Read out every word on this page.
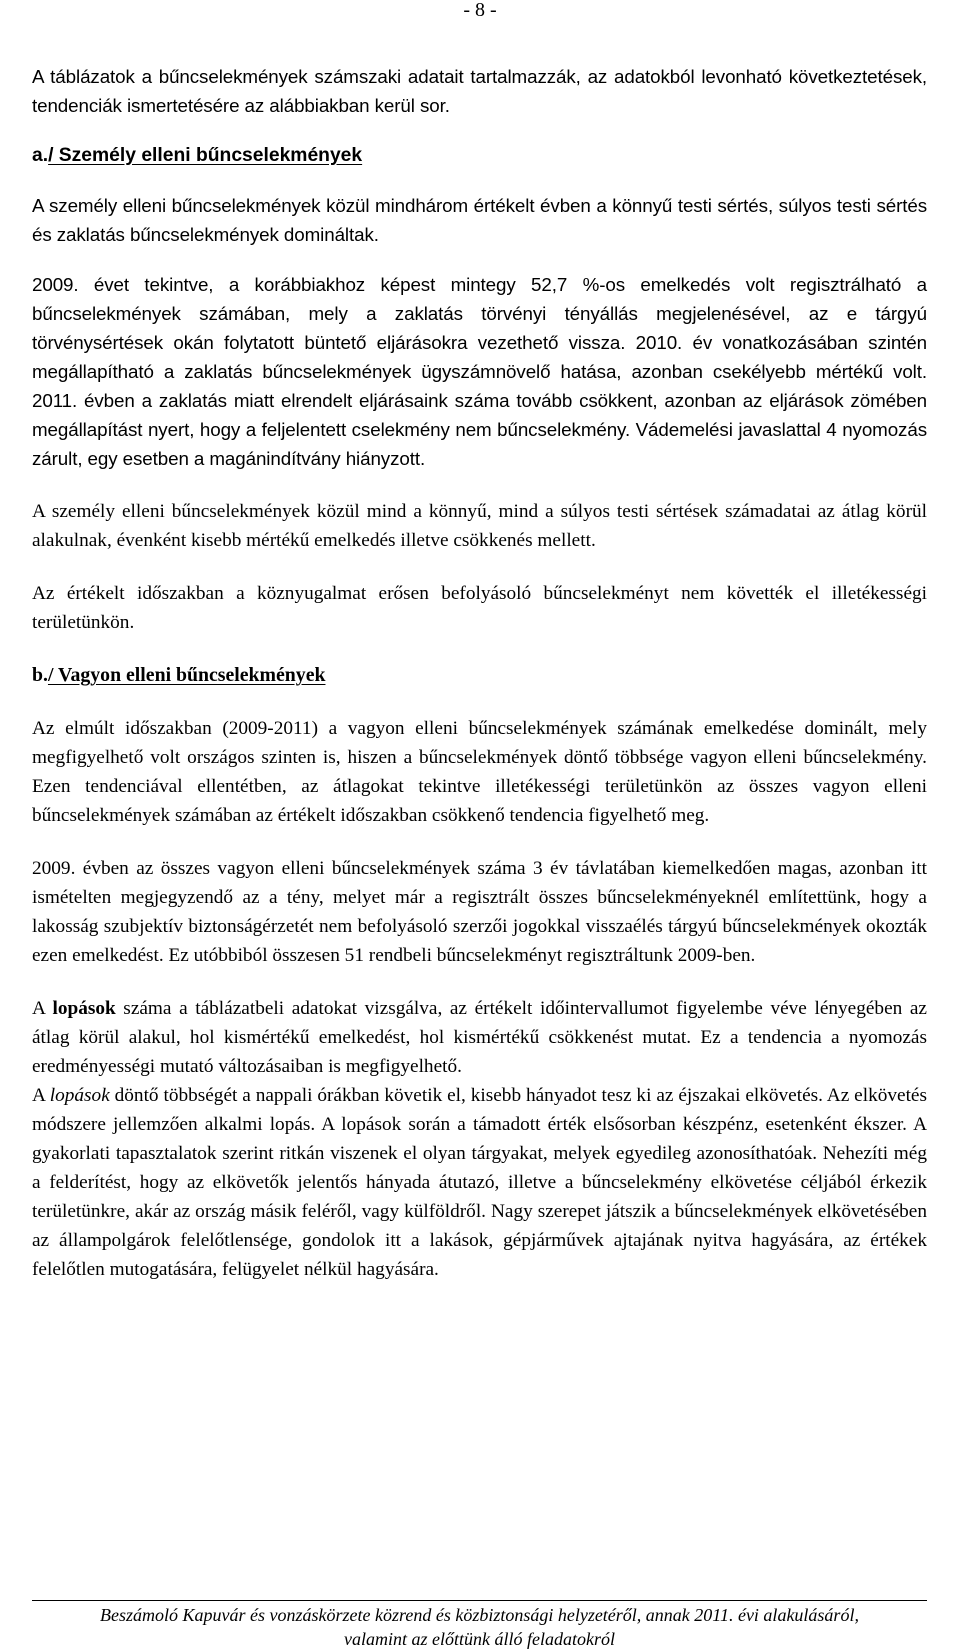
- 8 -

A táblázatok a bűncselekmények számszaki adatait tartalmazzák, az adatokból levonható következtetések, tendenciák ismertetésére az alábbiakban kerül sor.

a./ Személy elleni bűncselekmények

A személy elleni bűncselekmények közül mindhárom értékelt évben a könnyű testi sértés, súlyos testi sértés és zaklatás bűncselekmények domináltak.

2009. évet tekintve, a korábbiakhoz képest mintegy 52,7 %-os emelkedés volt regisztrálható a bűncselekmények számában, mely a zaklatás törvényi tényállás megjelenésével, az e tárgyú törvénysértések okán folytatott büntető eljárásokra vezethető vissza. 2010. év vonatkozásában szintén megállapítható a zaklatás bűncselekmények ügyszámnövelő hatása, azonban csekélyebb mértékű volt. 2011. évben a zaklatás miatt elrendelt eljárásaink száma tovább csökkent, azonban az eljárások zömében megállapítást nyert, hogy a feljelentett cselekmény nem bűncselekmény. Vádemelési javaslattal 4 nyomozás zárult, egy esetben a magánindítvány hiányzott.

A személy elleni bűncselekmények közül mind a könnyű, mind a súlyos testi sértések számadatai az átlag körül alakulnak, évenként kisebb mértékű emelkedés illetve csökkenés mellett.

Az értékelt időszakban a köznyugalmat erősen befolyásoló bűncselekményt nem követték el illetékességi területünkön.

b./ Vagyon elleni bűncselekmények

Az elmúlt időszakban (2009-2011) a vagyon elleni bűncselekmények számának emelkedése dominált, mely megfigyelhető volt országos szinten is, hiszen a bűncselekmények döntő többsége vagyon elleni bűncselekmény. Ezen tendenciával ellentétben, az átlagokat tekintve illetékességi területünkön az összes vagyon elleni bűncselekmények számában az értékelt időszakban csökkenő tendencia figyelhető meg.

2009. évben az összes vagyon elleni bűncselekmények száma 3 év távlatában kiemelkedően magas, azonban itt ismételten megjegyzendő az a tény, melyet már a regisztrált összes bűncselekményeknél említettünk, hogy a lakosság szubjektív biztonságérzetét nem befolyásoló szerzői jogokkal visszaélés tárgyú bűncselekmények okozták ezen emelkedést. Ez utóbbiból összesen 51 rendbeli bűncselekményt regisztráltunk 2009-ben.

A lopások száma a táblázatbeli adatokat vizsgálva, az értékelt időintervallumot figyelembe véve lényegében az átlag körül alakul, hol kismértékű emelkedést, hol kismértékű csökkenést mutat. Ez a tendencia a nyomozás eredményességi mutató változásaiban is megfigyelhető.

A lopások döntő többségét a nappali órákban követik el, kisebb hányadot tesz ki az éjszakai elkövetés. Az elkövetés módszere jellemzően alkalmi lopás. A lopások során a támadott érték elsősorban készpénz, esetenként ékszer. A gyakorlati tapasztalatok szerint ritkán viszenek el olyan tárgyakat, melyek egyedileg azonosíthatóak. Nehezíti még a felderítést, hogy az elkövetők jelentős hányada átutazó, illetve a bűncselekmény elkövetése céljából érkezik területünkre, akár az ország másik feléről, vagy külföldről. Nagy szerepet játszik a bűncselekmények elkövetésében az állampolgárok felelőtlensége, gondolok itt a lakások, gépjárművek ajtajának nyitva hagyására, az értékek felelőtlen mutogatására, felügyelet nélkül hagyására.

Beszámoló Kapuvár és vonzáskörzete közrend és közbiztonsági helyzetéről, annak 2011. évi alakulásáról,
valamint az előttünk álló feladatokról
